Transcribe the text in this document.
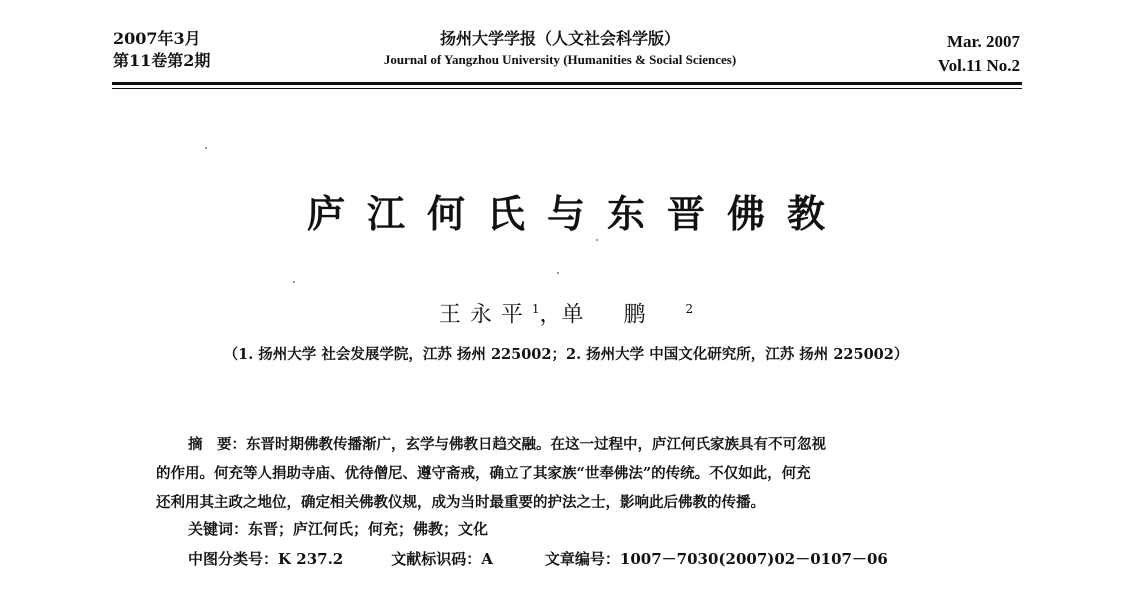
2007年3月
第11卷第2期
扬州大学学报（人文社会科学版）
Journal of Yangzhou University (Humanities & Social Sciences)
Mar. 2007
Vol.11 No.2
庐江何氏与东晋佛教
王永平$^1$，单鹏$^2$
（1. 扬州大学 社会发展学院，江苏 扬州 225002；2. 扬州大学 中国文化研究所，江苏 扬州 225002）
摘　要：东晋时期佛教传播渐广，玄学与佛教日趋交融。在这一过程中，庐江何氏家族具有不可忽视
的作用。何充等人捐助寺庙、优待僧尼、遵守斋戒，确立了其家族“世奉佛法”的传统。不仅如此，何充
还利用其主政之地位，确定相关佛教仪规，成为当时最重要的护法之士，影响此后佛教的传播。
关键词：东晋；庐江何氏；何充；佛教；文化
中图分类号：K 237.2	文献标识码：A	文章编号：1007－7030(2007)02－0107－06
